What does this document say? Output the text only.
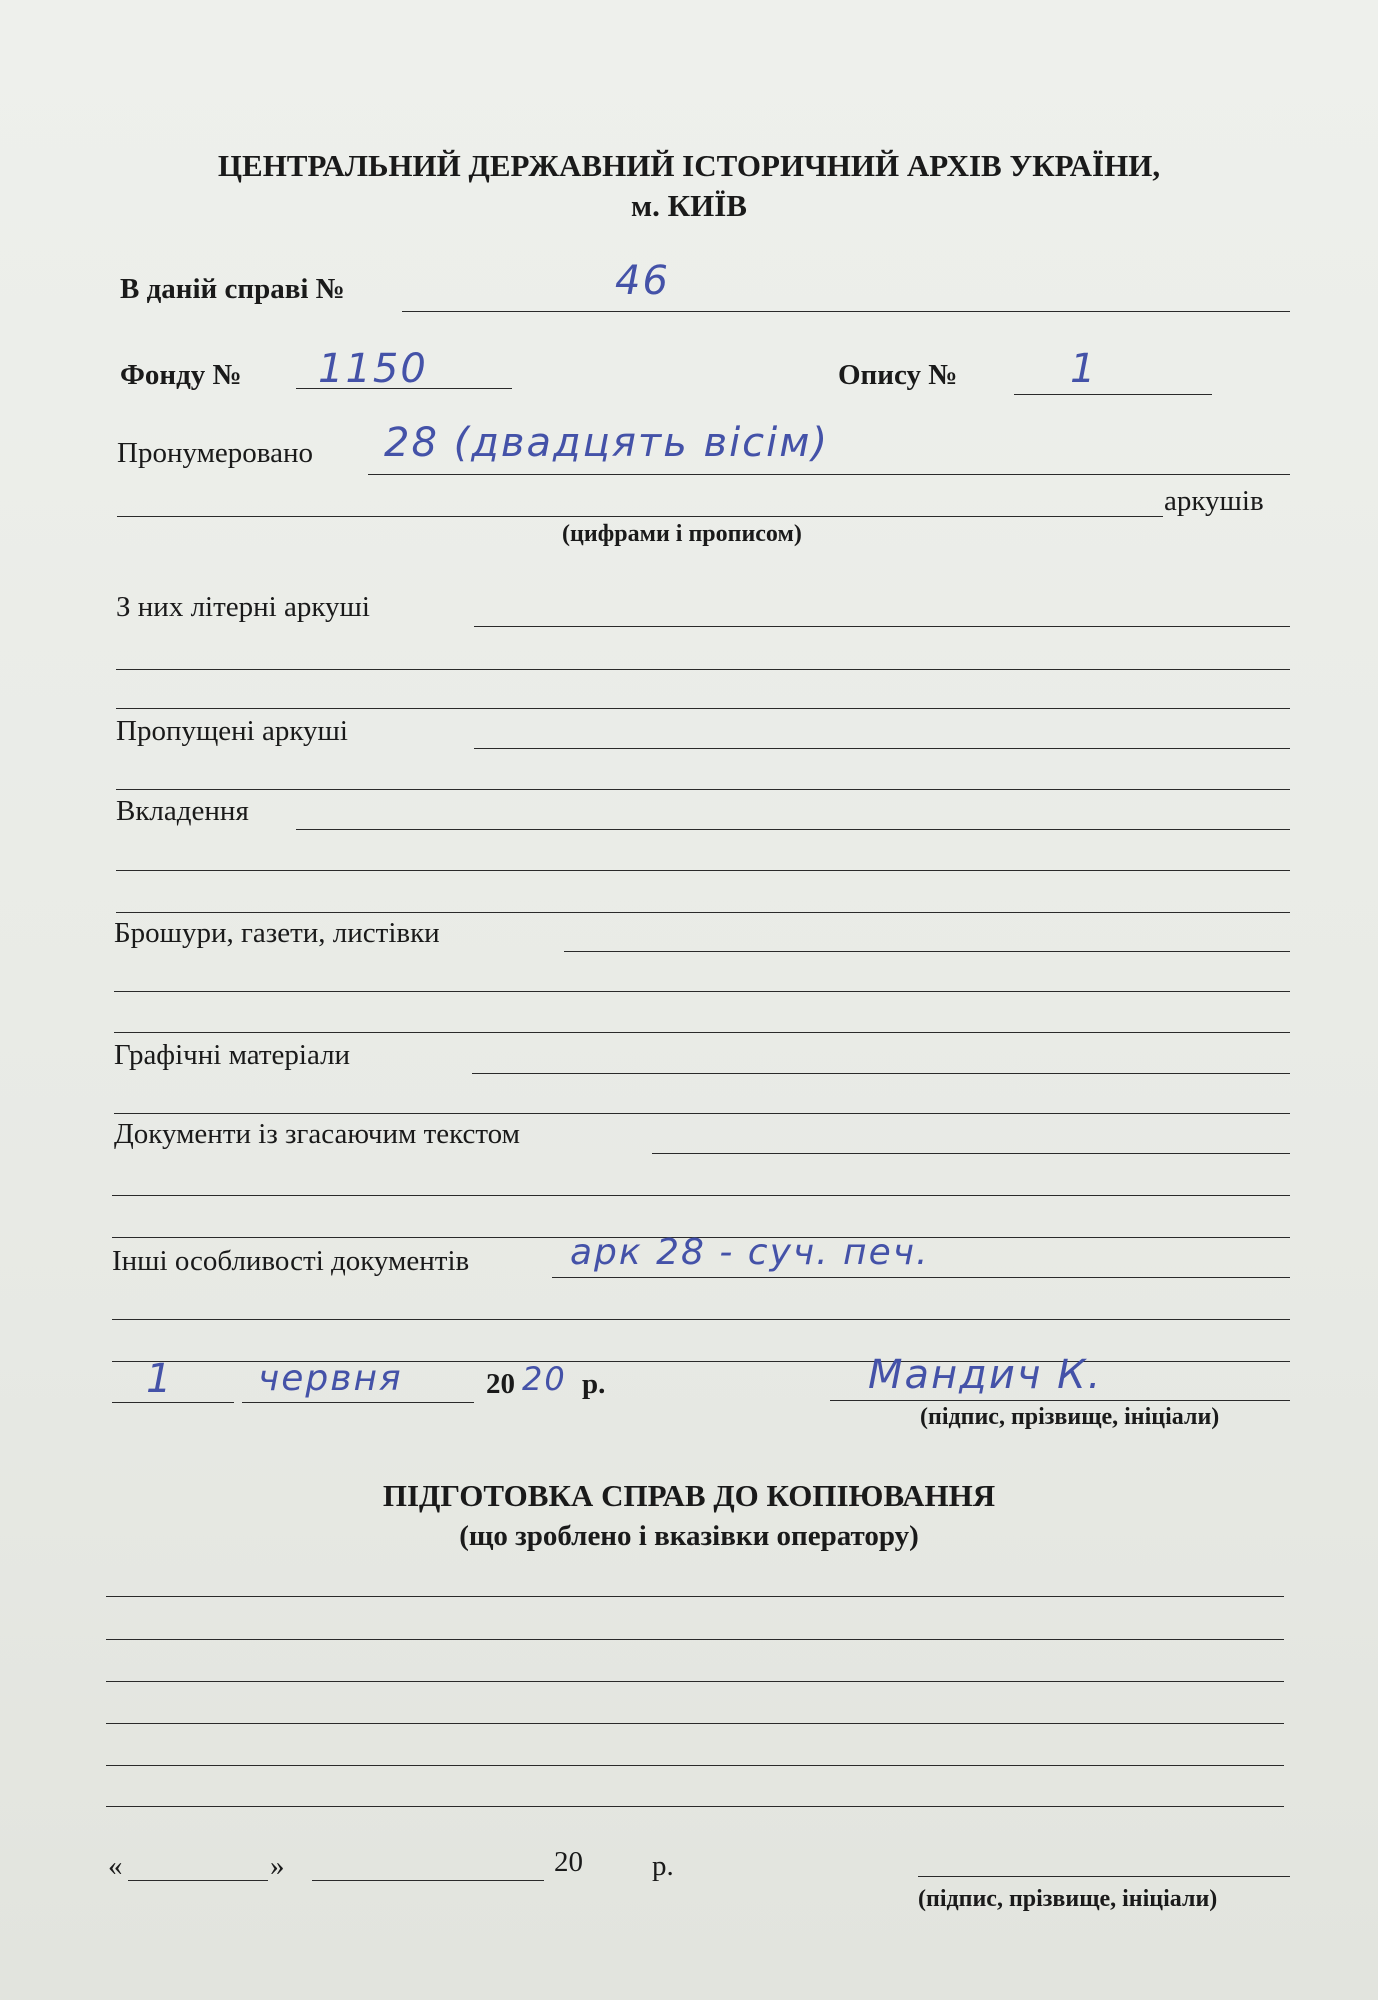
ЦЕНТРАЛЬНИЙ ДЕРЖАВНИЙ ІСТОРИЧНИЙ АРХІВ УКРАЇНИ,
м. КИЇВ
В даній справі №	46
Фонду № 1150	Опису №	1
Пронумеровано 28 (двадцять вісім)
аркушів
(цифрами і прописом)
З них літерні аркуші
Пропущені аркуші
Вкладення
Брошури, газети, листівки
Графічні матеріали
Документи із згасаючим текстом
Інші особливості документів	арк 28 - суч. печ.
1 червня	20 20 р.	Мандич К.
(підпис, прізвище, ініціали)
ПІДГОТОВКА СПРАВ ДО КОПІЮВАННЯ
(що зроблено і вказівки оператору)
«	»	20 р.
(підпис, прізвище, ініціали)
